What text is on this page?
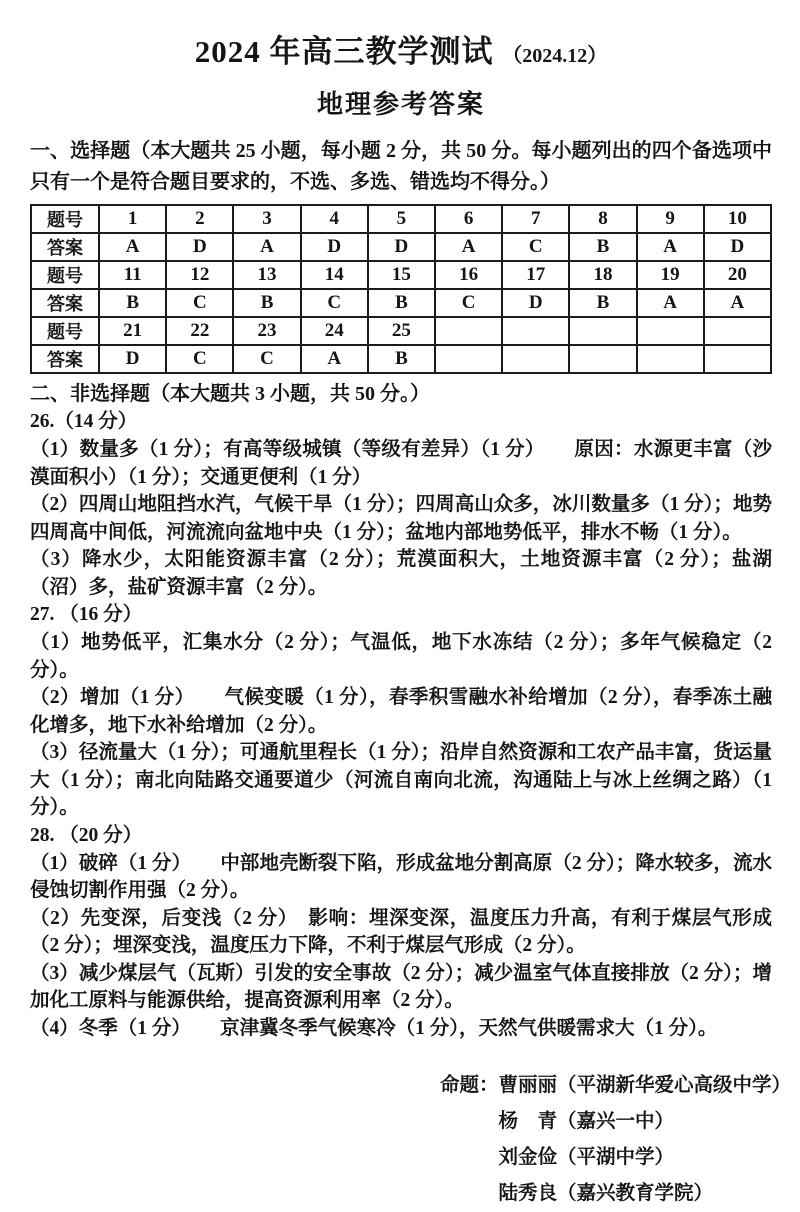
2024 年高三教学测试 （2024.12）
地理参考答案

一、选择题（本大题共 25 小题，每小题 2 分，共 50 分。每小题列出的四个备选项中只有一个是符合题目要求的，不选、多选、错选均不得分。）

题号	1	2	3	4	5	6	7	8	9	10
答案	A	D	A	D	D	A	C	B	A	D
题号	11	12	13	14	15	16	17	18	19	20
答案	B	C	B	C	B	C	D	B	A	A
题号	21	22	23	24	25					
答案	D	C	C	A	B					

二、非选择题（本大题共 3 小题，共 50 分。）

26.（14 分）

（1）数量多（1 分）；有高等级城镇（等级有差异）（1 分）　　原因：水源更丰富（沙漠面积小）（1 分）；交通更便利（1 分）

（2）四周山地阻挡水汽，气候干旱（1 分）；四周高山众多，冰川数量多（1 分）；地势四周高中间低，河流流向盆地中央（1 分）；盆地内部地势低平，排水不畅（1 分）。

（3）降水少，太阳能资源丰富（2 分）；荒漠面积大，土地资源丰富（2 分）；盐湖（沼）多，盐矿资源丰富（2 分）。

27. （16 分）

（1）地势低平，汇集水分（2 分）；气温低，地下水冻结（2 分）；多年气候稳定（2 分）。

（2）增加（1 分）　　气候变暖（1 分），春季积雪融水补给增加（2 分），春季冻土融化增多，地下水补给增加（2 分）。

（3）径流量大（1 分）；可通航里程长（1 分）；沿岸自然资源和工农产品丰富，货运量大（1 分）；南北向陆路交通要道少（河流自南向北流，沟通陆上与冰上丝绸之路）（1 分）。

28. （20 分）

（1）破碎（1 分）　　中部地壳断裂下陷，形成盆地分割高原（2 分）；降水较多，流水侵蚀切割作用强（2 分）。

（2）先变深，后变浅（2 分）　影响：埋深变深，温度压力升高，有利于煤层气形成（2 分）；埋深变浅，温度压力下降，不利于煤层气形成（2 分）。

（3）减少煤层气（瓦斯）引发的安全事故（2 分）；减少温室气体直接排放（2 分）；增加化工原料与能源供给，提高资源利用率（2 分）。

（4）冬季（1 分）　　京津冀冬季气候寒冷（1 分），天然气供暖需求大（1 分）。

命题： 曹丽丽（平湖新华爱心高级中学）
杨　青（嘉兴一中）
刘金俭（平湖中学）
陆秀良（嘉兴教育学院）
